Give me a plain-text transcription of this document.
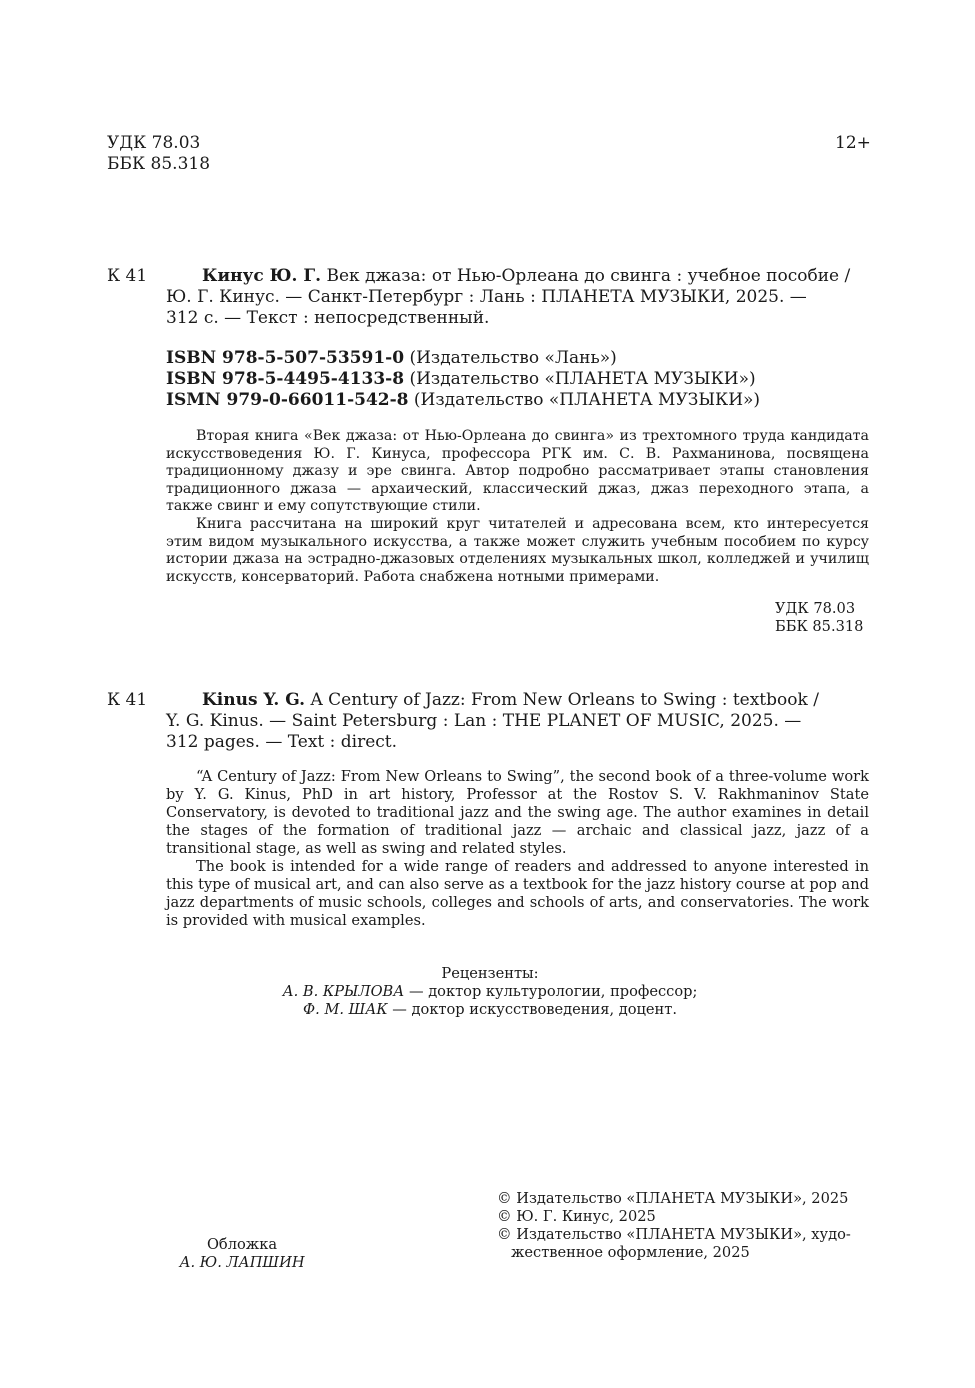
УДК 78.03
ББК 85.318
12+
К 41	Кинус Ю. Г. Век джаза: от Нью-Орлеана до свинга : учебное пособие /
Ю. Г. Кинус. — Санкт-Петербург : Лань : ПЛАНЕТА МУЗЫКИ, 2025. —
312 с. — Текст : непосредственный.
ISBN 978-5-507-53591-0 (Издательство «Лань»)
ISBN 978-5-4495-4133-8 (Издательство «ПЛАНЕТА МУЗЫКИ»)
ISMN 979-0-66011-542-8 (Издательство «ПЛАНЕТА МУЗЫКИ»)

Вторая книга «Век джаза: от Нью-Орлеана до свинга» из трехтомного труда кандидата искусствоведения Ю. Г. Кинуса, профессора РГК им. С. В. Рахманинова, посвящена традиционному джазу и эре свинга. Автор подробно рассматривает этапы становления традиционного джаза — архаический, классический джаз, джаз переходного этапа, а также свинг и ему сопутствующие стили.

Книга рассчитана на широкий круг читателей и адресована всем, кто интересуется этим видом музыкального искусства, а также может служить учебным пособием по курсу истории джаза на эстрадно-джазовых отделениях музыкальных школ, колледжей и училищ искусств, консерваторий. Работа снабжена нотными примерами.

УДК 78.03
ББК 85.318
К 41	Kinus Y. G. A Century of Jazz: From New Orleans to Swing : textbook /
Y. G. Kinus. — Saint Petersburg : Lan : THE PLANET OF MUSIC, 2025. —
312 pages. — Text : direct.

“A Century of Jazz: From New Orleans to Swing”, the second book of a three-volume work by Y. G. Kinus, PhD in art history, Professor at the Rostov S. V. Rakhmaninov State Conservatory, is devoted to traditional jazz and the swing age. The author examines in detail the stages of the formation of traditional jazz — archaic and classical jazz, jazz of a transitional stage, as well as swing and related styles.

The book is intended for a wide range of readers and addressed to anyone interested in this type of musical art, and can also serve as a textbook for the jazz history course at pop and jazz departments of music schools, colleges and schools of arts, and conservatories. The work is provided with musical examples.

Рецензенты:
А. В. КРЫЛОВА — доктор культурологии, профессор;
Ф. М. ШАК — доктор искусствоведения, доцент.
© Издательство «ПЛАНЕТА МУЗЫКИ», 2025
© Ю. Г. Кинус, 2025
© Издательство «ПЛАНЕТА МУЗЫКИ», худо-
жественное оформление, 2025
Обложка
А. Ю. ЛАПШИН
